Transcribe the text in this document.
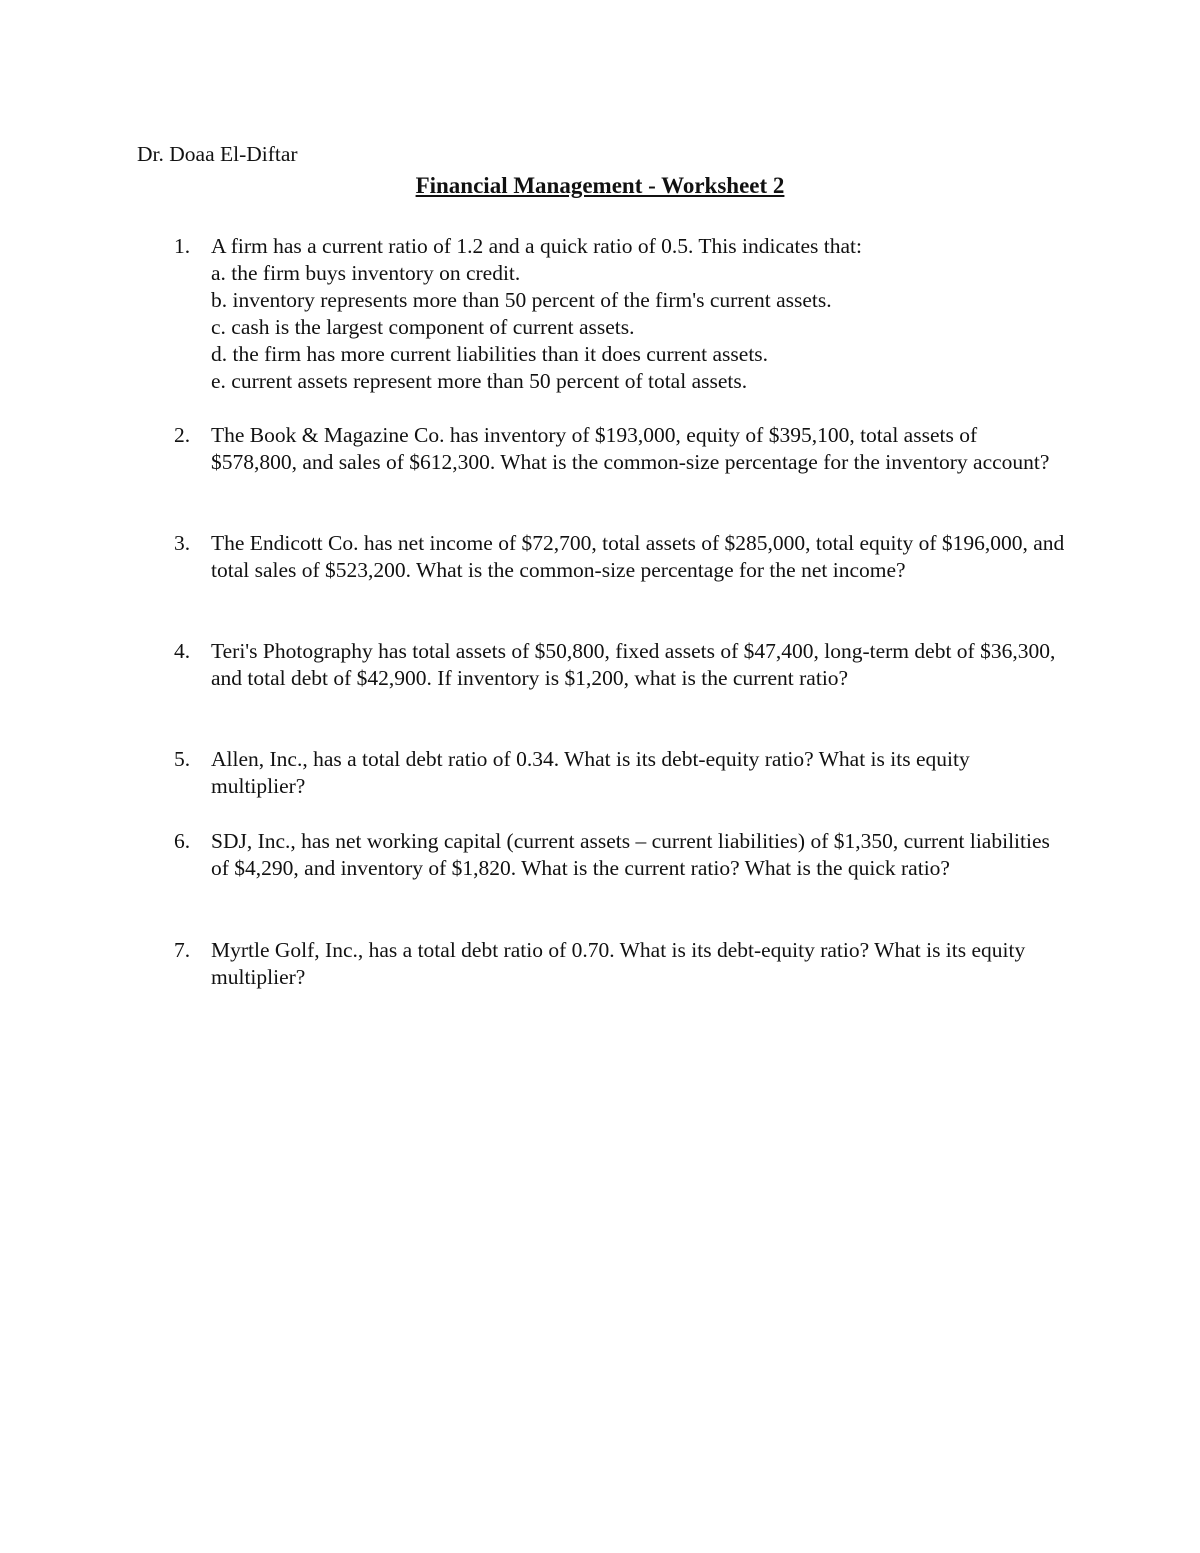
Dr. Doaa El-Diftar
Financial Management - Worksheet 2
1. A firm has a current ratio of 1.2 and a quick ratio of 0.5. This indicates that:
a. the firm buys inventory on credit.
b. inventory represents more than 50 percent of the firm's current assets.
c. cash is the largest component of current assets.
d. the firm has more current liabilities than it does current assets.
e. current assets represent more than 50 percent of total assets.
2. The Book & Magazine Co. has inventory of $193,000, equity of $395,100, total assets of $578,800, and sales of $612,300. What is the common-size percentage for the inventory account?
3. The Endicott Co. has net income of $72,700, total assets of $285,000, total equity of $196,000, and total sales of $523,200. What is the common-size percentage for the net income?
4. Teri's Photography has total assets of $50,800, fixed assets of $47,400, long-term debt of $36,300, and total debt of $42,900. If inventory is $1,200, what is the current ratio?
5. Allen, Inc., has a total debt ratio of 0.34. What is its debt-equity ratio? What is its equity multiplier?
6. SDJ, Inc., has net working capital (current assets – current liabilities) of $1,350, current liabilities of $4,290, and inventory of $1,820. What is the current ratio? What is the quick ratio?
7. Myrtle Golf, Inc., has a total debt ratio of 0.70. What is its debt-equity ratio? What is its equity multiplier?
